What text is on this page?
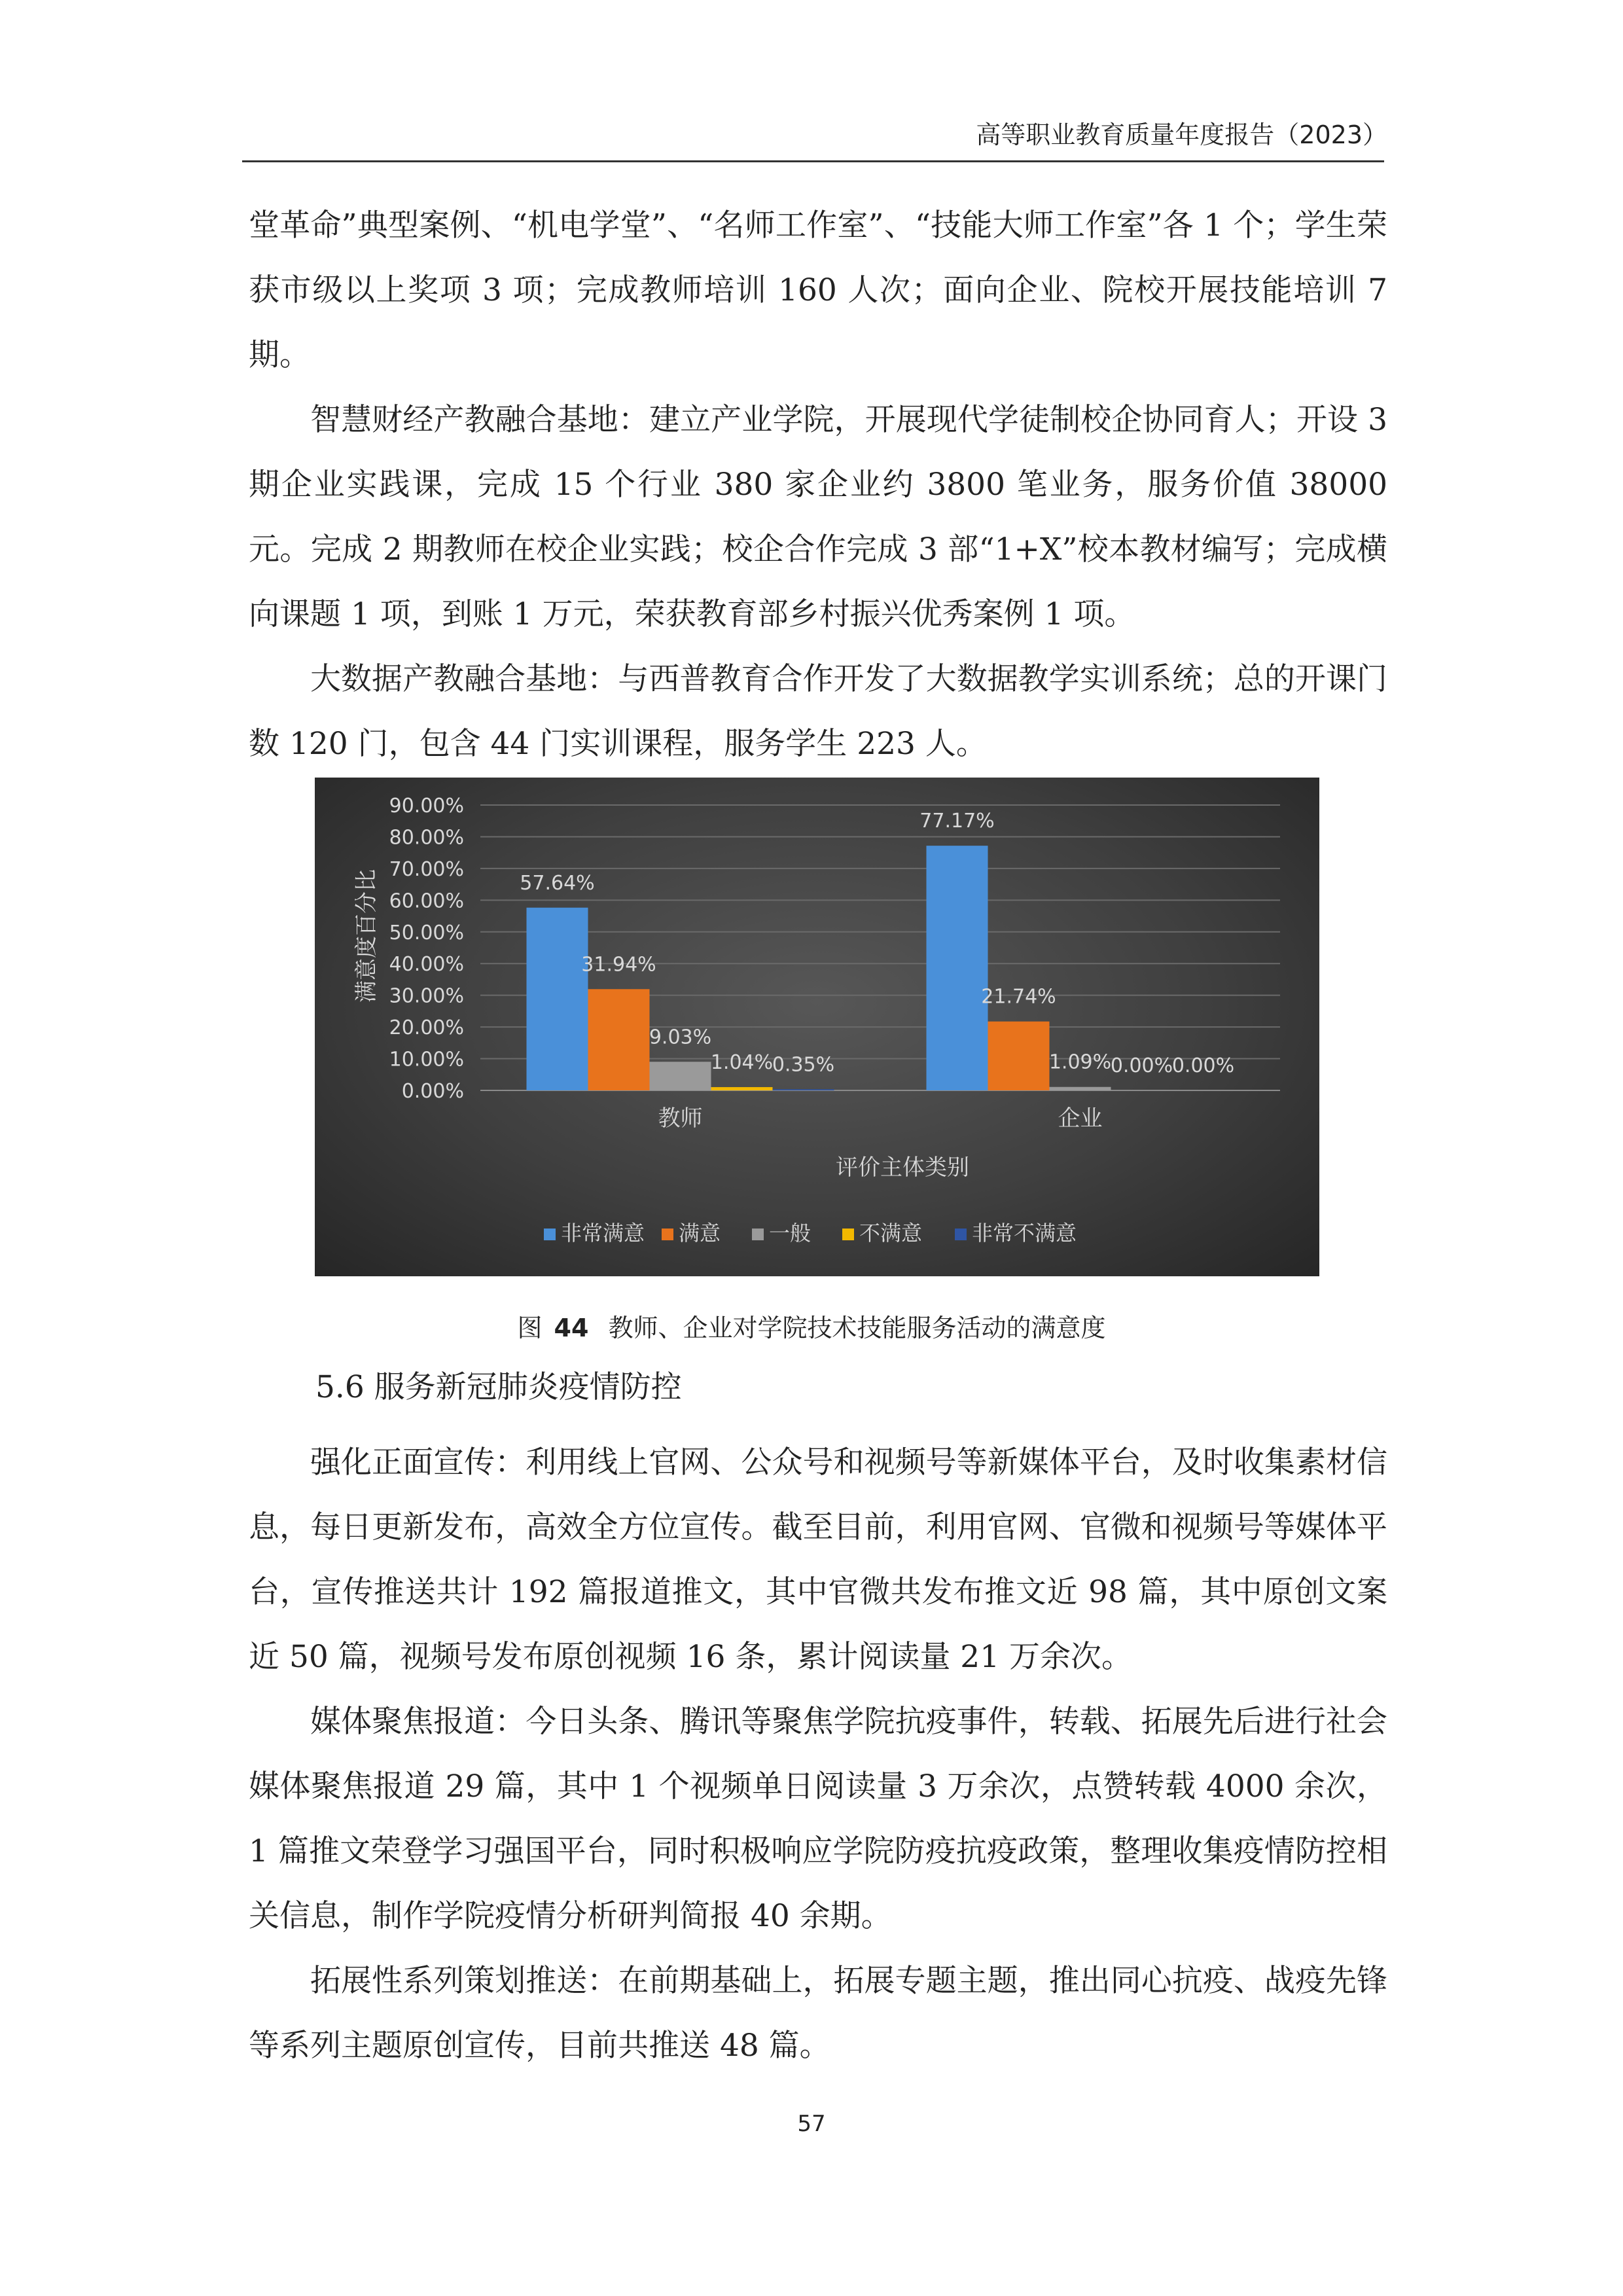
高等职业教育质量年度报告（2023）

堂革命”典型案例、“机电学堂”、“名师工作室”、“技能大师工作室”各 1 个；学生荣获市级以上奖项 3 项；完成教师培训 160 人次；面向企业、院校开展技能培训 7 期。

智慧财经产教融合基地：建立产业学院，开展现代学徒制校企协同育人；开设 3 期企业实践课，完成 15 个行业 380 家企业约 3800 笔业务，服务价值 38000 元。完成 2 期教师在校企业实践；校企合作完成 3 部“1+X”校本教材编写；完成横向课题 1 项，到账 1 万元，荣获教育部乡村振兴优秀案例 1 项。

大数据产教融合基地：与西普教育合作开发了大数据教学实训系统；总的开课门数 120 门，包含 44 门实训课程，服务学生 223 人。

0.00%
10.00%
20.00%
30.00%
40.00%
50.00%
60.00%
70.00%
80.00%
90.00%
57.64%
31.94%
9.03%
1.04%
0.35%
77.17%
21.74%
1.09%
0.00%
0.00%
教师	企业
满意度百分比
评价主体类别
非常满意 满意 一般 不满意 非常不满意
图 44 教师、企业对学院技术技能服务活动的满意度
5.6 服务新冠肺炎疫情防控

强化正面宣传：利用线上官网、公众号和视频号等新媒体平台，及时收集素材信息，每日更新发布，高效全方位宣传。截至目前，利用官网、官微和视频号等媒体平台，宣传推送共计 192 篇报道推文，其中官微共发布推文近 98 篇，其中原创文案近 50 篇，视频号发布原创视频 16 条，累计阅读量 21 万余次。

媒体聚焦报道：今日头条、腾讯等聚焦学院抗疫事件，转载、拓展先后进行社会媒体聚焦报道 29 篇，其中 1 个视频单日阅读量 3 万余次，点赞转载 4000 余次，1 篇推文荣登学习强国平台，同时积极响应学院防疫抗疫政策，整理收集疫情防控相关信息，制作学院疫情分析研判简报 40 余期。

拓展性系列策划推送：在前期基础上，拓展专题主题，推出同心抗疫、战疫先锋等系列主题原创宣传，目前共推送 48 篇。

57
